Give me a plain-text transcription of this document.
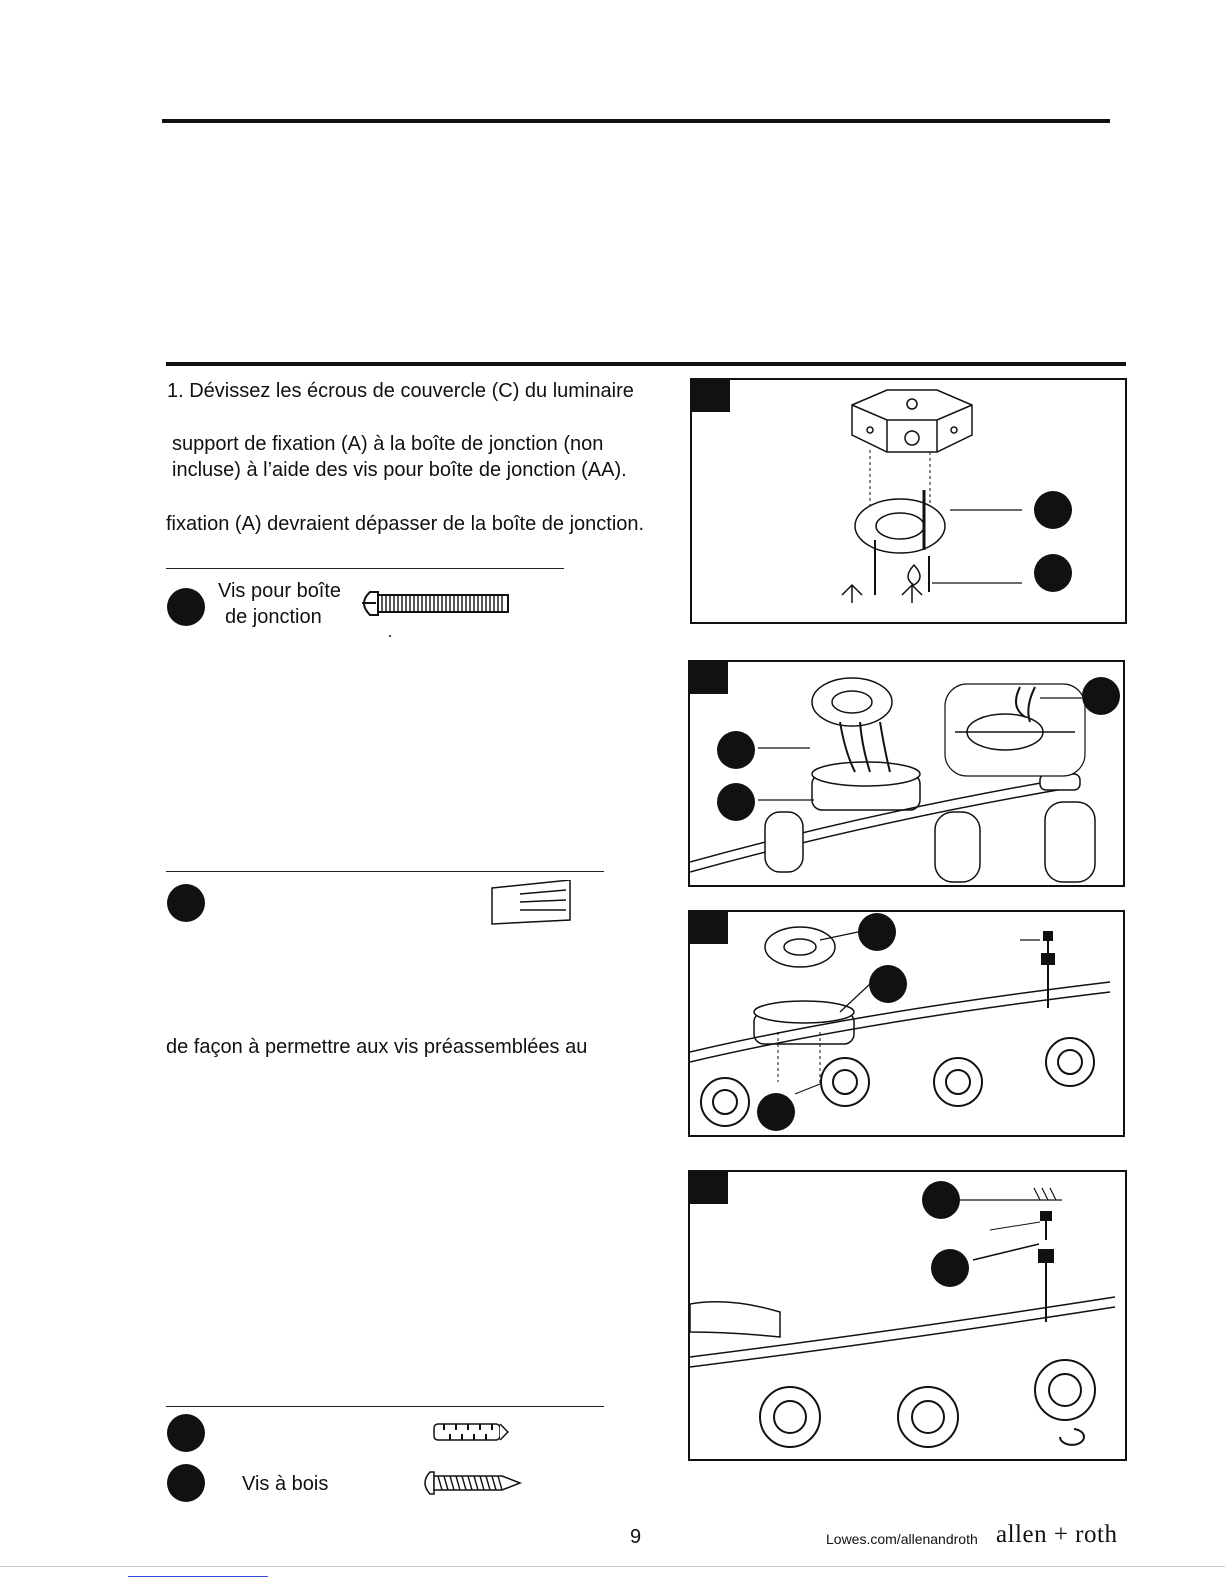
1. Dévissez les écrous de couvercle (C) du luminaire
support de fixation (A) à la boîte de jonction (non
incluse) à l’aide des vis pour boîte de jonction (AA).
fixation (A) devraient dépasser de la boîte de jonction.
Vis pour boîte
de jonction
de façon à permettre aux vis préassemblées au
Vis à bois
9	Lowes.com/allenandroth allen + roth
